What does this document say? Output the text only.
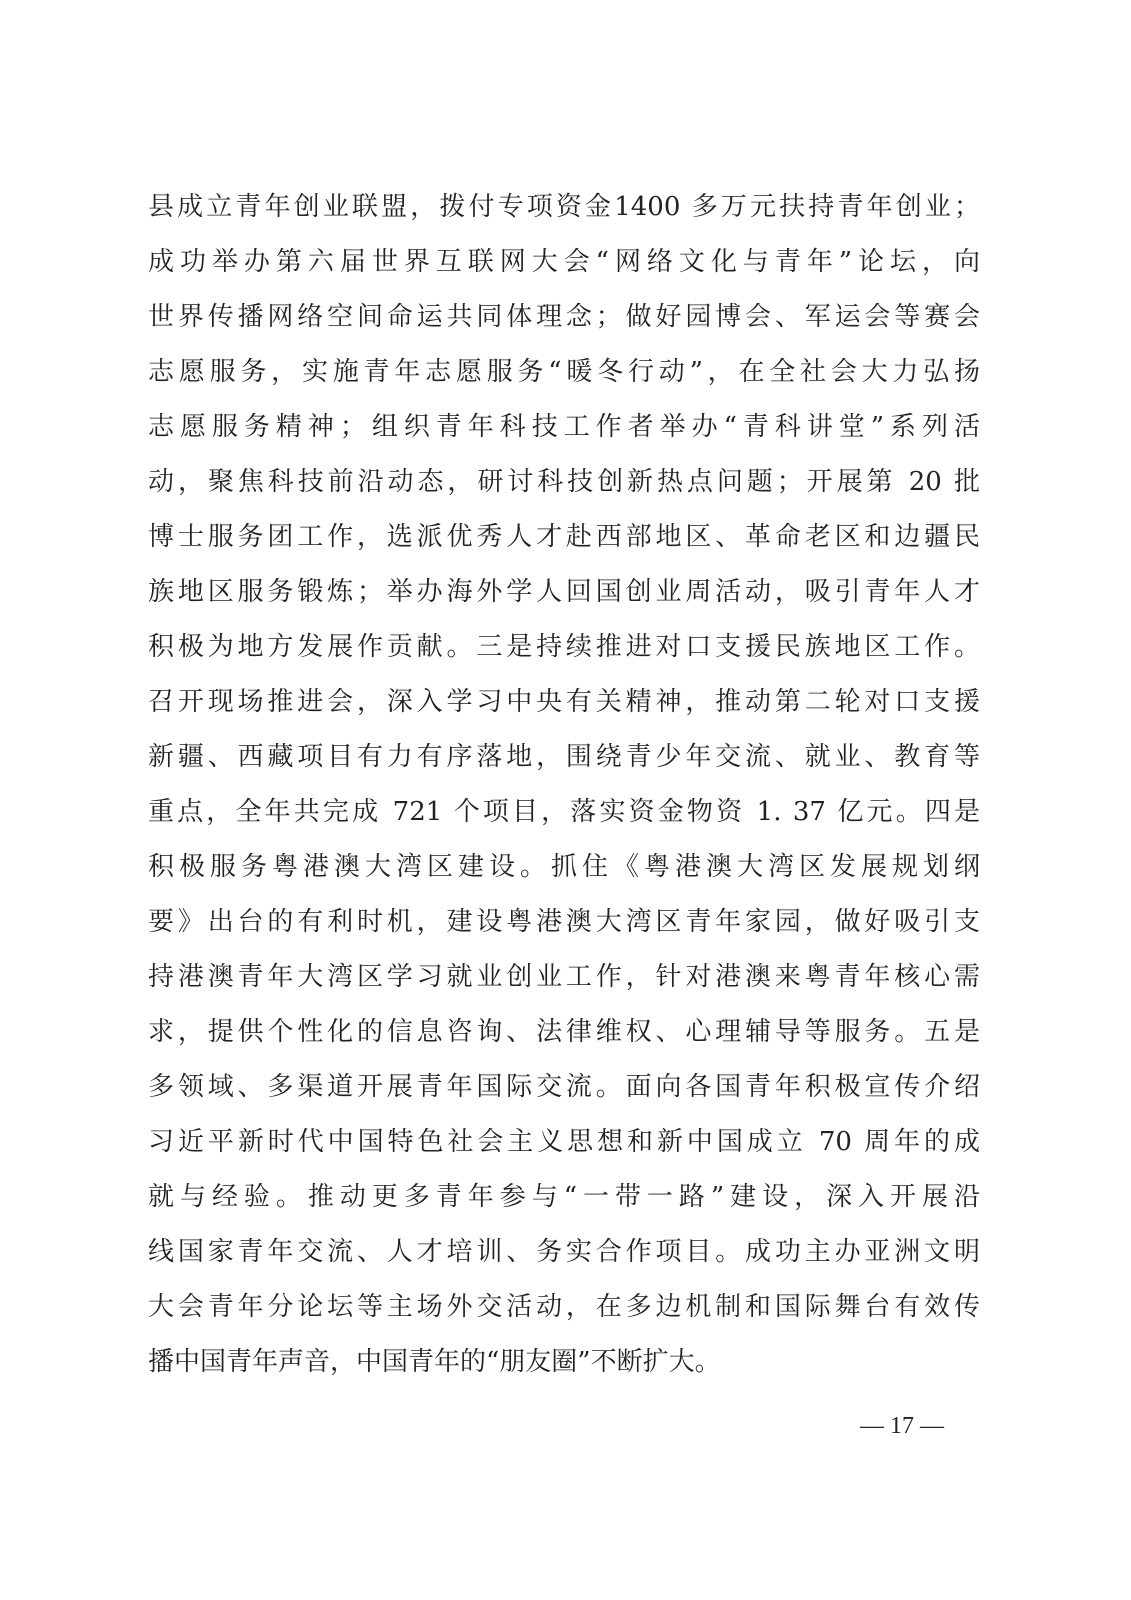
县成立青年创业联盟，拨付专项资金1400 多万元扶持青年创业；
成功举办第六届世界互联网大会“网络文化与青年”论坛，向
世界传播网络空间命运共同体理念；做好园博会、军运会等赛会
志愿服务，实施青年志愿服务“暖冬行动”，在全社会大力弘扬
志愿服务精神；组织青年科技工作者举办“青科讲堂”系列活
动，聚焦科技前沿动态，研讨科技创新热点问题；开展第 20 批
博士服务团工作，选派优秀人才赴西部地区、革命老区和边疆民
族地区服务锻炼；举办海外学人回国创业周活动，吸引青年人才
积极为地方发展作贡献。三是持续推进对口支援民族地区工作。
召开现场推进会，深入学习中央有关精神，推动第二轮对口支援
新疆、西藏项目有力有序落地，围绕青少年交流、就业、教育等
重点，全年共完成 721 个项目，落实资金物资 1. 37 亿元。四是
积极服务粤港澳大湾区建设。抓住《粤港澳大湾区发展规划纲
要》出台的有利时机，建设粤港澳大湾区青年家园，做好吸引支
持港澳青年大湾区学习就业创业工作，针对港澳来粤青年核心需
求，提供个性化的信息咨询、法律维权、心理辅导等服务。五是
多领域、多渠道开展青年国际交流。面向各国青年积极宣传介绍
习近平新时代中国特色社会主义思想和新中国成立 70 周年的成
就与经验。推动更多青年参与“一带一路”建设，深入开展沿
线国家青年交流、人才培训、务实合作项目。成功主办亚洲文明
大会青年分论坛等主场外交活动，在多边机制和国际舞台有效传
播中国青年声音，中国青年的“朋友圈”不断扩大。
— 17 —
